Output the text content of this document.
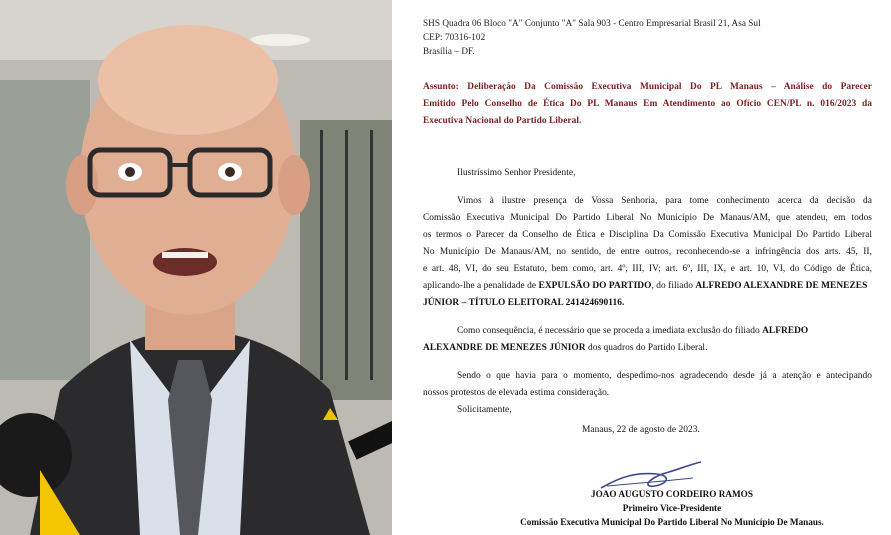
SHS Quadra 06 Bloco "A" Conjunto "A" Sala 903 - Centro Empresarial Brasil 21, Asa Sul
CEP: 70316-102
Brasília – DF.
Assunto: Deliberação Da Comissão Executiva Municipal Do PL Manaus – Análise do Parecer
Emitido Pelo Conselho de Ética Do PL Manaus Em Atendimento ao Ofício CEN/PL n. 016/2023 da
Executiva Nacional do Partido Liberal.
Ilustríssimo Senhor Presidente,
Vimos à ilustre presença de Vossa Senhoria, para tome conhecimento acerca da decisão da
Comissão Executiva Municipal Do Partido Liberal No Município De Manaus/AM, que atendeu, em todos
os termos o Parecer da Conselho de Ética e Disciplina Da Comissão Executiva Municipal Do Partido Liberal
No Município De Manaus/AM, no sentido, de entre outros, reconhecendo-se a infringência dos arts. 45, II,
e art. 48, VI, do seu Estatuto, bem como, art. 4º, III, IV; art. 6º, III, IX, e art. 10, VI, do Código de Ética,
aplicando-lhe a penalidade de EXPULSÃO DO PARTIDO, do filiado ALFREDO ALEXANDRE DE MENEZES
JÚNIOR – TÍTULO ELEITORAL 241424690116.
Como consequência, é necessário que se proceda a imediata exclusão do filiado ALFREDO
ALEXANDRE DE MENEZES JÚNIOR dos quadros do Partido Liberal.
Sendo o que havia para o momento, despedimo-nos agradecendo desde já a atenção e antecipando
nossos protestos de elevada estima consideração.
Solicitamente,
Manaus, 22 de agosto de 2023.
JOAO AUGUSTO CORDEIRO RAMOS
Primeiro Vice-Presidente
Comissão Executiva Municipal Do Partido Liberal No Município De Manaus.
